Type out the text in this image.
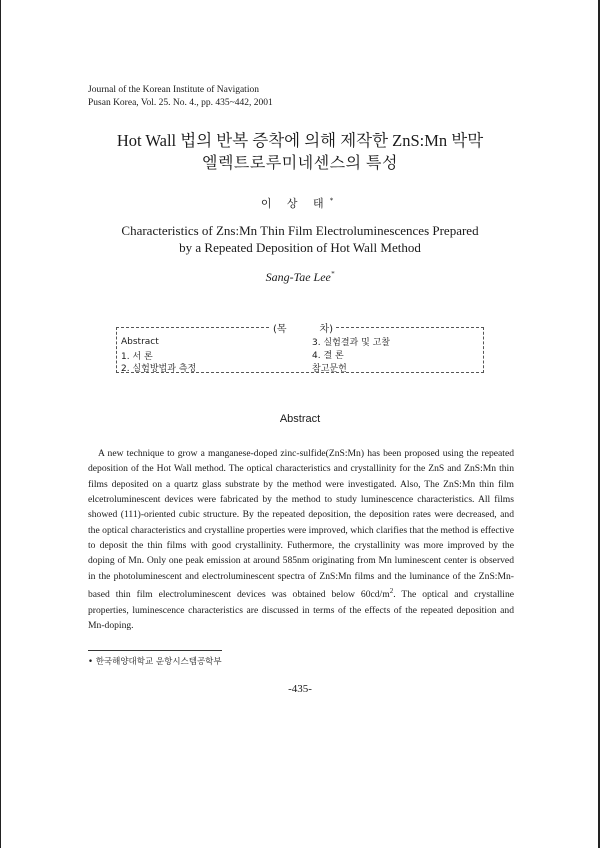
Journal of the Korean Institute of Navigation
Pusan Korea, Vol. 25. No. 4., pp. 435~442, 2001
Hot Wall 법의 반복 증착에 의해 제작한 ZnS:Mn 박막
엘렉트로루미네센스의 특성
이 상 태*
Characteristics of Zns:Mn Thin Film Electroluminescences Prepared
by a Repeated Deposition of Hot Wall Method
Sang-Tae Lee*
(목	차)
Abstract
1. 서 론
2. 실험방법과 측정
3. 실험결과 및 고찰
4. 결 론
참고문헌
Abstract
A new technique to grow a manganese-doped zinc-sulfide(ZnS:Mn) has been proposed using the repeated deposition of the Hot Wall method. The optical characteristics and crystallinity for the ZnS and ZnS:Mn thin films deposited on a quartz glass substrate by the method were investigated. Also, The ZnS:Mn thin film elcetroluminescent devices were fabricated by the method to study luminescence characteristics. All films showed (111)-oriented cubic structure. By the repeated deposition, the deposition rates were decreased, and the optical characteristics and crystalline properties were improved, which clarifies that the method is effective to deposit the thin films with good crystallinity. Futhermore, the crystallinity was more improved by the doping of Mn. Only one peak emission at around 585nm originating from Mn luminescent center is observed in the photoluminescent and electroluminescent spectra of ZnS:Mn films and the luminance of the ZnS:Mn-based thin film electroluminescent devices was obtained below $60cd/m^2$. The optical and crystalline properties, luminescence characteristics are discussed in terms of the effects of the repeated deposition and Mn-doping.
• 한국해양대학교 운항시스템공학부
-435-
